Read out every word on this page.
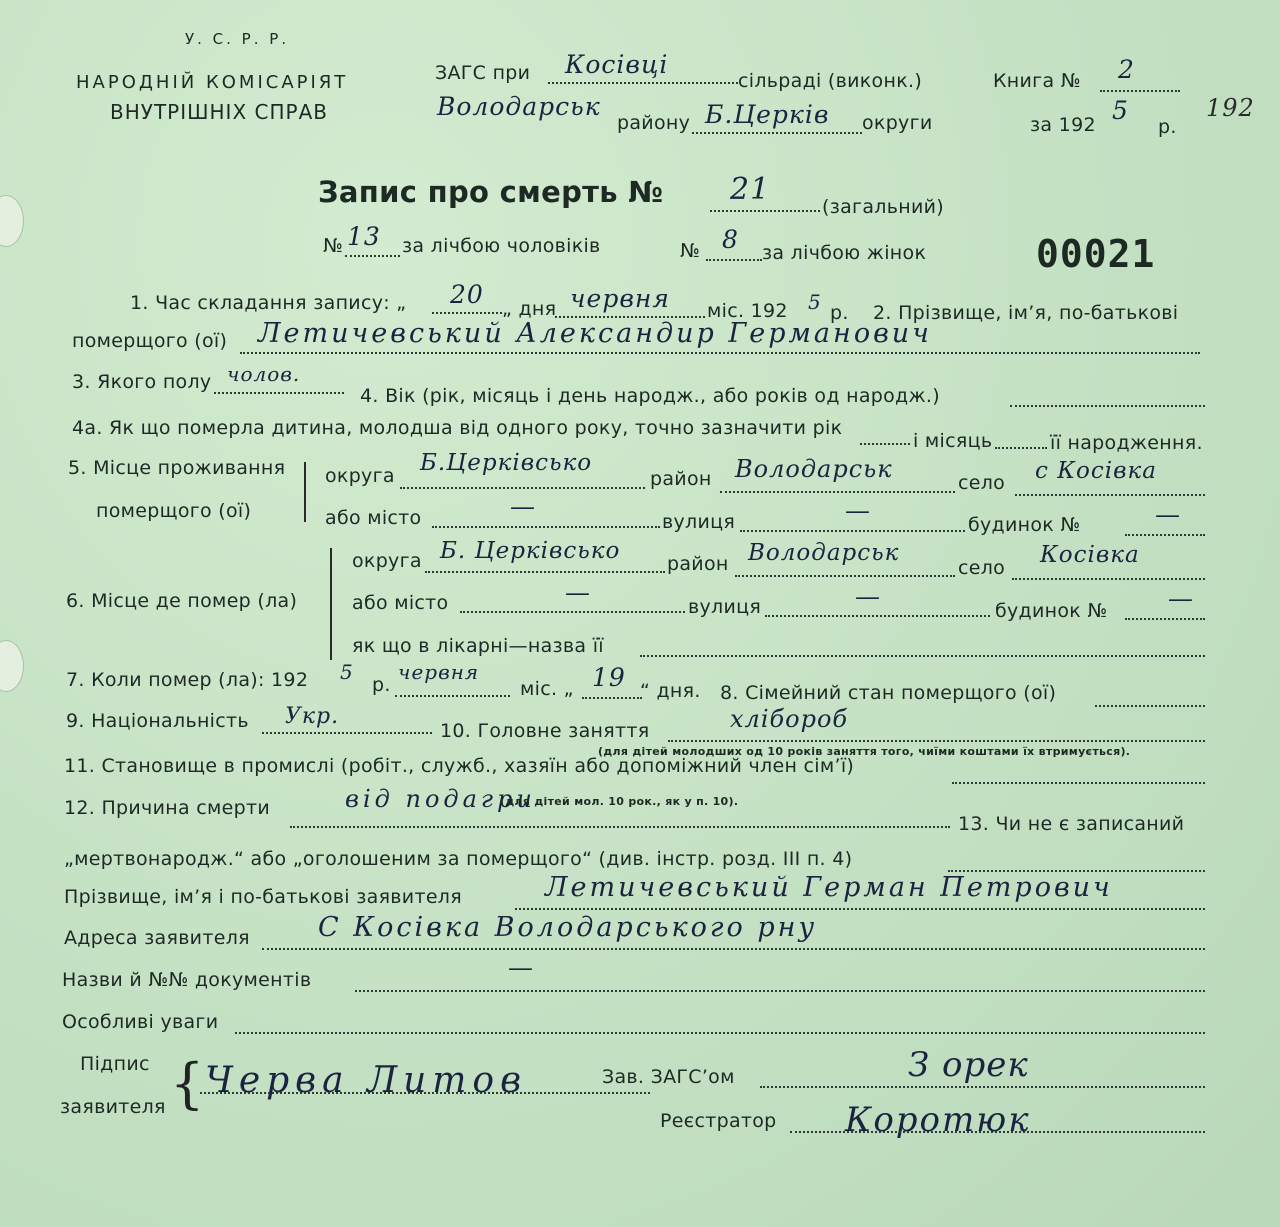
У. С. Р. Р.
НАРОДНІЙ КОМІСАРІЯТ
ВНУТРІШНІХ СПРАВ
ЗАГС при Косівці
сільраді (виконк.)	Книга № 2
Володарськ
району Б.Церків округи	за 192 5
р.
192
Запис про смерть № 21	(загальний)
№ 13 за лічбою чоловіків	№ 8 за лічбою жінок	00021
1. Час складання запису: „ 20 „ дня червня міс. 192 5 р. 2. Прізвище, ім’я, по-батькові
померщого (ої) Летичевський Александир Германович
3. Якого полу чолов.
4. Вік (рік, місяць і день народж., або років од народж.)
4а. Як що померла дитина, молодша від одного року, точно зазначити рік
і місяць	її народження.
5. Місце проживання
померщого (ої)
округа Б.Церківсько
район Володарськ	село с Косівка
або місто	—
вулиця	—	будинок №	—
6. Місце де помер (ла)
округа Б. Церківсько район Володарськ
село Косівка
або місто	—	вулиця	—	будинок № —
як що в лікарні—назва її
7. Коли помер (ла): 192 5
р.
червня
міс. „ 19 “ дня. 8. Сімейний стан померщого (ої)
9. Національність Укр.
10. Головне заняття	хлібороб
(для дітей молодших од 10 років заняття того, чиїми коштами їх втримується).
11. Становище в промислі (робіт., служб., хазяїн або допоміжний член сім’ї)
12. Причина смерти	від подагри
(для дітей мол. 10 рок., як у п. 10).
13. Чи не є записаний
„мертвонародж.“ або „оголошеним за померщого“ (див. інстр. розд. III п. 4)
Прізвище, ім’я і по-батькові заявителя	Летичевський Герман Петрович
Адреса заявителя	С Косівка Володарського рну
Назви й №№ документів	—
Особливі уваги
Підпис
заявителя { Черва Литов	Зав. ЗАГС’ом	З орек
Реєстратор Коротюк
